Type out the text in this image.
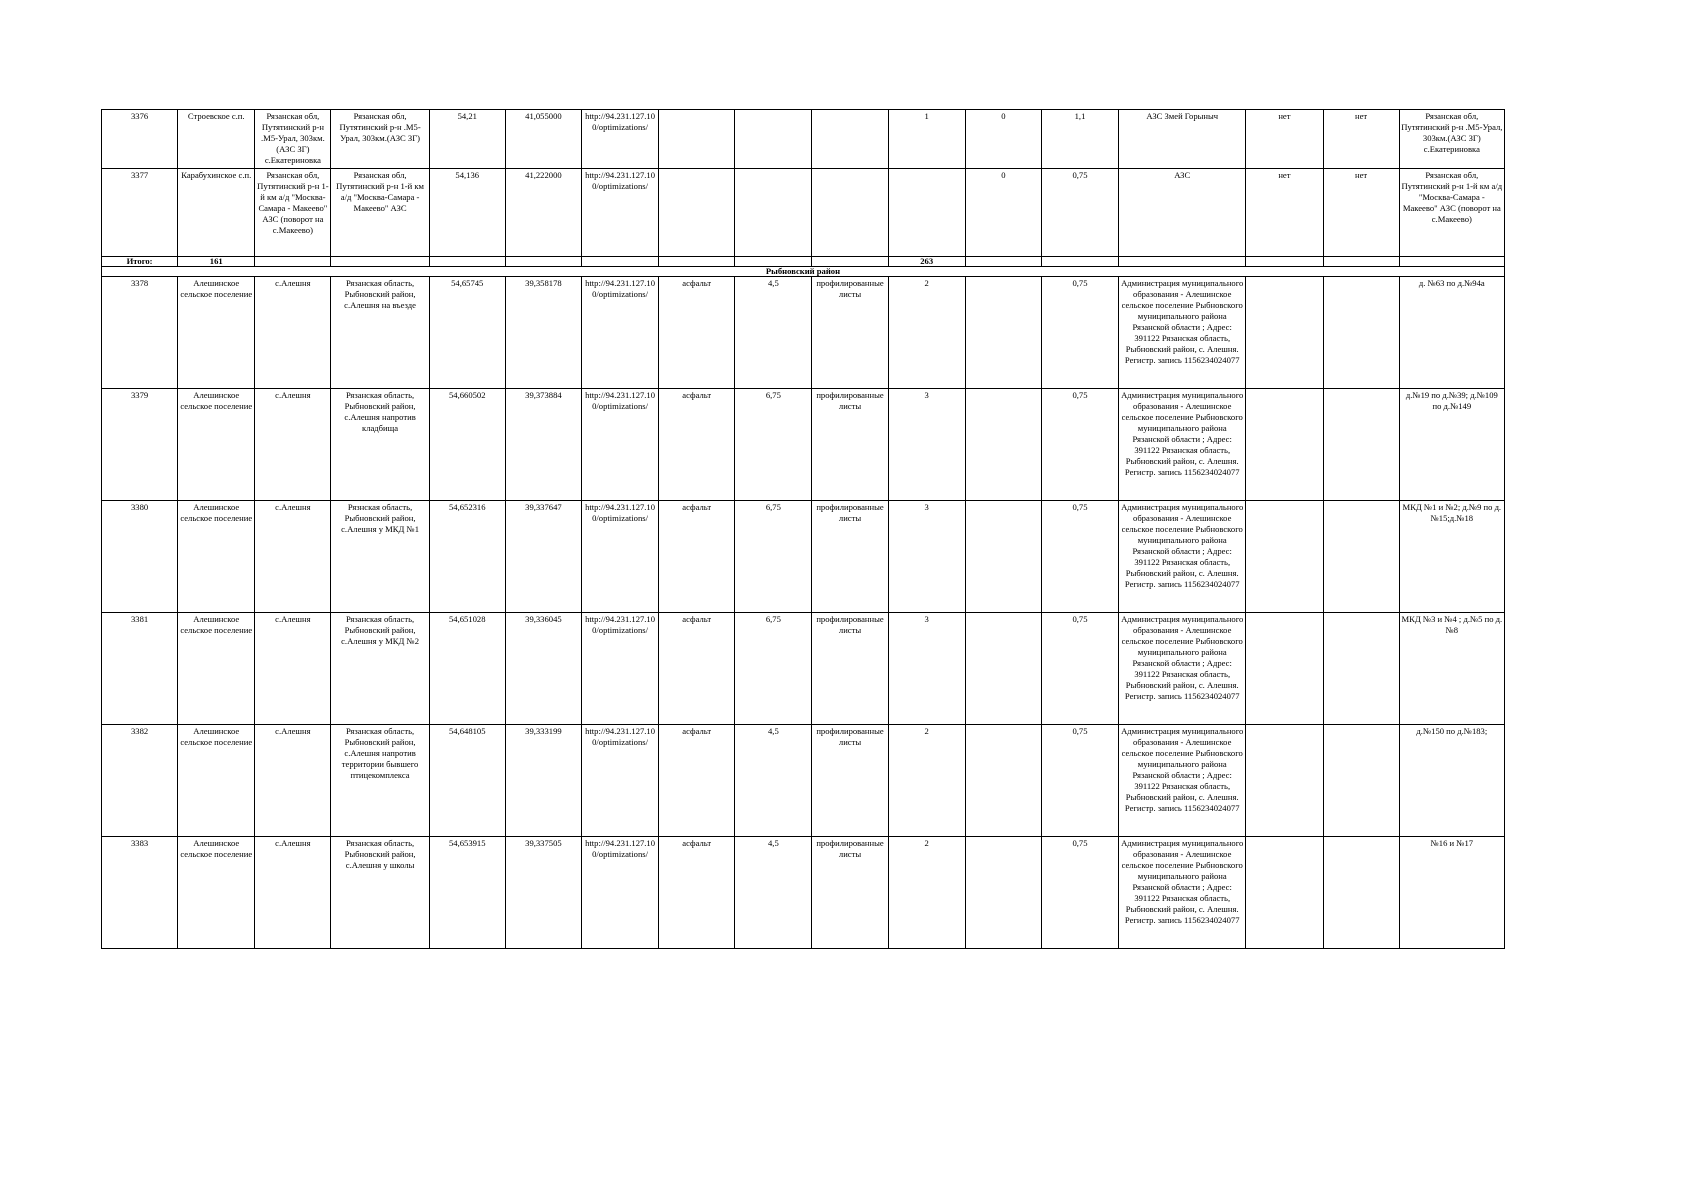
3376	Строевское с.п.	Рязанская обл, Путятинский р-н .М5-Урал, 303км.(АЗС ЗГ) с.Екатериновка	Рязанская обл, Путятинский р-н .М5-Урал, 303км.(АЗС ЗГ)	54,21	41,055000	http://94.231.127.100/optimizations/				1	0	1,1	АЗС Змей Горыныч	нет	нет	Рязанская обл, Путятинский р-н .М5-Урал, 303км.(АЗС ЗГ) с.Екатериновка
3377	Карабухинское с.п.	Рязанская обл, Путятинский р-н 1-й км а/д "Москва-Самара - Макеево" АЗС (поворот на с.Макеево)	Рязанская обл, Путятинский р-н 1-й км а/д "Москва-Самара - Макеево" АЗС	54,136	41,222000	http://94.231.127.100/optimizations/					0	0,75	АЗС	нет	нет	Рязанская обл, Путятинский р-н 1-й км а/д "Москва-Самара - Макеево" АЗС (поворот на с.Макеево)
Итого:	161									263						
Рыбновский район																
3378	Алешинское сельское поселение	с.Алешня	Рязанская область, Рыбновский район, с.Алешня на въезде	54,65745	39,358178	http://94.231.127.100/optimizations/	асфальт	4,5	профилированные листы	2		0,75	Администрация муниципального образования - Алешинское сельское поселение Рыбновского муниципального района Рязанской области ; Адрес: 391122 Рязанская область, Рыбновский район, с. Алешня. Регистр. запись 1156234024077			д. №63 по д.№94а
3379	Алешинское сельское поселение	с.Алешня	Рязанская область, Рыбновский район, с.Алешня напротив кладбища	54,660502	39,373884	http://94.231.127.100/optimizations/	асфальт	6,75	профилированные листы	3		0,75	Администрация муниципального образования - Алешинское сельское поселение Рыбновского муниципального района Рязанской области ; Адрес: 391122 Рязанская область, Рыбновский район, с. Алешня. Регистр. запись 1156234024077			д.№19 по д.№39; д.№109 по д.№149
3380	Алешинское сельское поселение	с.Алешня	Рязнская область, Рыбновский район, с.Алешня у МКД №1	54,652316	39,337647	http://94.231.127.100/optimizations/	асфальт	6,75	профилированные листы	3		0,75	Администрация муниципального образования - Алешинское сельское поселение Рыбновского муниципального района Рязанской области ; Адрес: 391122 Рязанская область, Рыбновский район, с. Алешня. Регистр. запись 1156234024077			МКД №1 и №2; д.№9 по д.№15;д.№18
3381	Алешинское сельское поселение	с.Алешня	Рязанская область, Рыбновский район, с.Алешня у МКД №2	54,651028	39,336045	http://94.231.127.100/optimizations/	асфальт	6,75	профилированные листы	3		0,75	Администрация муниципального образования - Алешинское сельское поселение Рыбновского муниципального района Рязанской области ; Адрес: 391122 Рязанская область, Рыбновский район, с. Алешня. Регистр. запись 1156234024077			МКД №3 и №4 ; д.№5 по д.№8
3382	Алешинское сельское поселение	с.Алешня	Рязанская область, Рыбновский район, с.Алешня напротив территории бывшего птицекомплекса	54,648105	39,333199	http://94.231.127.100/optimizations/	асфальт	4,5	профилированные листы	2		0,75	Администрация муниципального образования - Алешинское сельское поселение Рыбновского муниципального района Рязанской области ; Адрес: 391122 Рязанская область, Рыбновский район, с. Алешня. Регистр. запись 1156234024077			д.№150 по д.№183;
3383	Алешинское сельское поселение	с.Алешня	Рязанская область, Рыбновский район, с.Алешня у школы	54,653915	39,337505	http://94.231.127.100/optimizations/	асфальт	4,5	профилированные листы	2		0,75	Администрация муниципального образования - Алешинское сельское поселение Рыбновского муниципального района Рязанской области ; Адрес: 391122 Рязанская область, Рыбновский район, с. Алешня. Регистр. запись 1156234024077			№16 и №17
